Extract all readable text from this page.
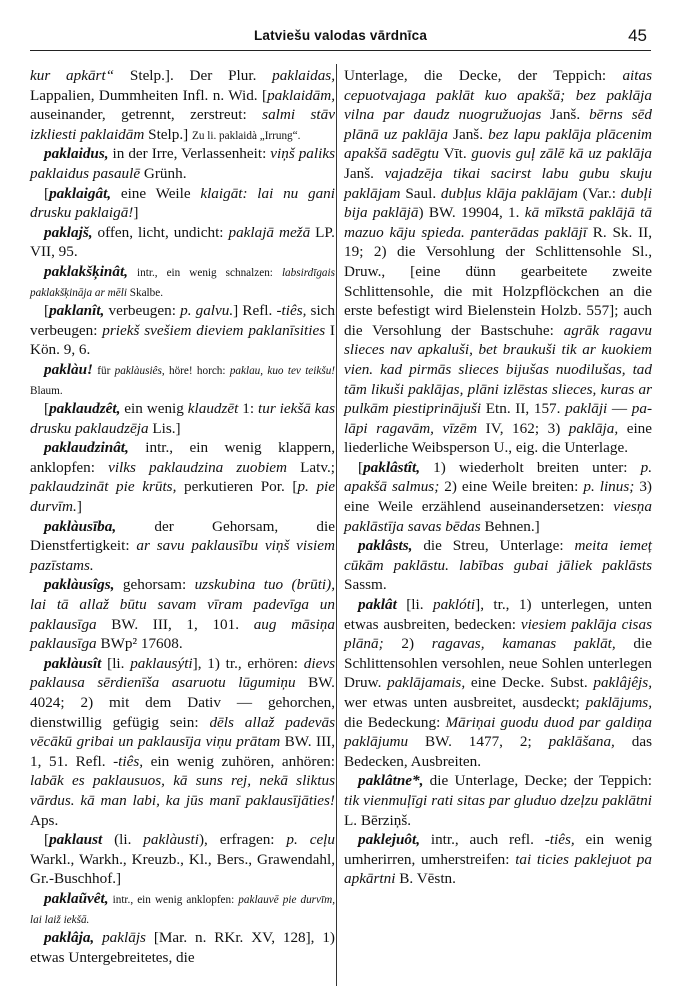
Latviešu valodas vārdnīca	45

kur apkārt“ Stelp.]. Der Plur. paklaidas, Lappalien, Dummheiten Infl. n. Wid. [paklaidām, auseinander, getrennt, zerstreut: salmi stāv izkliesti paklaidām Stelp.] Zu li. paklaidà „Irrung“.

paklaidus, in der Irre, Verlassenheit: viņš paliks paklaidus pasaulē Grünh.

[paklaigât, eine Weile klaigāt: lai nu gani drusku paklaigā!]

paklajš, offen, licht, undicht: paklajā mežā LP. VII, 95.

paklakšķinât, intr., ein wenig schnalzen: labsirdīgais paklakšķināja ar mēli Skalbe.

[paklanît, verbeugen: p. galvu.] Refl. -tiês, sich verbeugen: priekš svešiem dieviem paklanīsities I Kön. 9, 6.

paklàu! für paklàusiês, höre! horch: paklau, kuo tev teikšu! Blaum.

[paklaudzêt, ein wenig klaudzēt 1: tur iekšā kas drusku paklaudzēja Lis.]

paklaudzinât, intr., ein wenig klappern, anklopfen: vilks paklaudzina zuobiem Latv.; paklaudzināt pie krūts, perkutieren Por. [p. pie durvīm.]

paklàusība, der Gehorsam, die Dienstfertigkeit: ar savu paklausību viņš visiem pazīstams.

paklàusîgs, gehorsam: uzskubina tuo (brūti), lai tā allaž būtu savam vīram padevīga un paklausīga BW. III, 1, 101. aug māsiņa paklausīga BWp² 17608.

paklàusît [li. paklausýti], 1) tr., erhören: dievs paklausa sērdienīša asaruotu lūgumiņu BW. 4024; 2) mit dem Dativ — gehorchen, dienstwillig gefügig sein: dēls allaž padevās vēcākū gribai un paklausīja viņu prātam BW. III, 1, 51. Refl. -tiês, ein wenig zuhören, anhören: labāk es paklausuos, kā suns rej, nekā sliktus vārdus. kā man labi, ka jūs manī paklausījāties! Aps.

[paklaust (li. paklàusti), erfragen: p. ceļu Warkl., Warkh., Kreuzb., Kl., Bers., Grawendahl, Gr.-Buschhof.]

paklaũvêt, intr., ein wenig anklopfen: paklauvē pie durvīm, lai laiž iekšā.

paklâja, paklājs [Mar. n. RKr. XV, 128], 1) etwas Untergebreitetes, die

Unterlage, die Decke, der Teppich: aitas cepuotvajaga paklāt kuo apakšā; bez paklāja vilna par daudz nuogružuojas Janš. bērns sēd plānā uz paklāja Janš. bez lapu paklāja plācenim apakšā sadēgtu Vīt. guovis guļ zālē kā uz paklāja Janš. vajadzēja tikai sacirst labu gubu skuju paklājam Saul. dubļus klāja paklājam (Var.: dubļi bija paklājā) BW. 19904, 1. kā mīkstā paklājā tā mazuo kāju spieda. panterādas paklājī R. Sk. II, 19; 2) die Versohlung der Schlittensohle Sl., Druw., [eine dünn gearbeitete zweite Schlittensohle, die mit Holzpflöckchen an die erste befestigt wird Bielenstein Holzb. 557]; auch die Versohlung der Bastschuhe: agrāk ragavu slieces nav apkaluši, bet braukuši tik ar kuokiem vien. kad pirmās slieces bijušas nuodilušas, tad tām likuši paklājas, plāni izlēstas slieces, kuras ar pulkām piestiprinājuši Etn. II, 157. paklāji — pa-lāpi ragavām, vīzēm IV, 162; 3) paklāja, eine liederliche Weibsperson U., eig. die Unterlage.

[paklâstît, 1) wiederholt breiten unter: p. apakšā salmus; 2) eine Weile breiten: p. linus; 3) eine Weile erzählend auseinandersetzen: viesņa paklāstīja savas bēdas Behnen.]

paklâsts, die Streu, Unterlage: meita iemeț cūkām paklāstu. labības gubai jāliek paklāsts Sassm.

paklât [li. paklóti], tr., 1) unterlegen, unten etwas ausbreiten, bedecken: viesiem paklāja cisas plānā; 2) ragavas, kamanas paklāt, die Schlittensohlen versohlen, neue Sohlen unterlegen Druw. paklājamais, eine Decke. Subst. paklâjêjs, wer etwas unten ausbreitet, ausdeckt; paklājums, die Bedeckung: Māriņai guodu duod par galdiņa paklājumu BW. 1477, 2; paklāšana, das Bedecken, Ausbreiten.

paklâtne*, die Unterlage, Decke; der Teppich: tik vienmuļīgi rati sitas par gluduo dzeļzu paklātni L. Bērziņš.

paklejuôt, intr., auch refl. -tiês, ein wenig umherirren, umherstreifen: tai ticies paklejuot pa apkārtni B. Vēstn.
